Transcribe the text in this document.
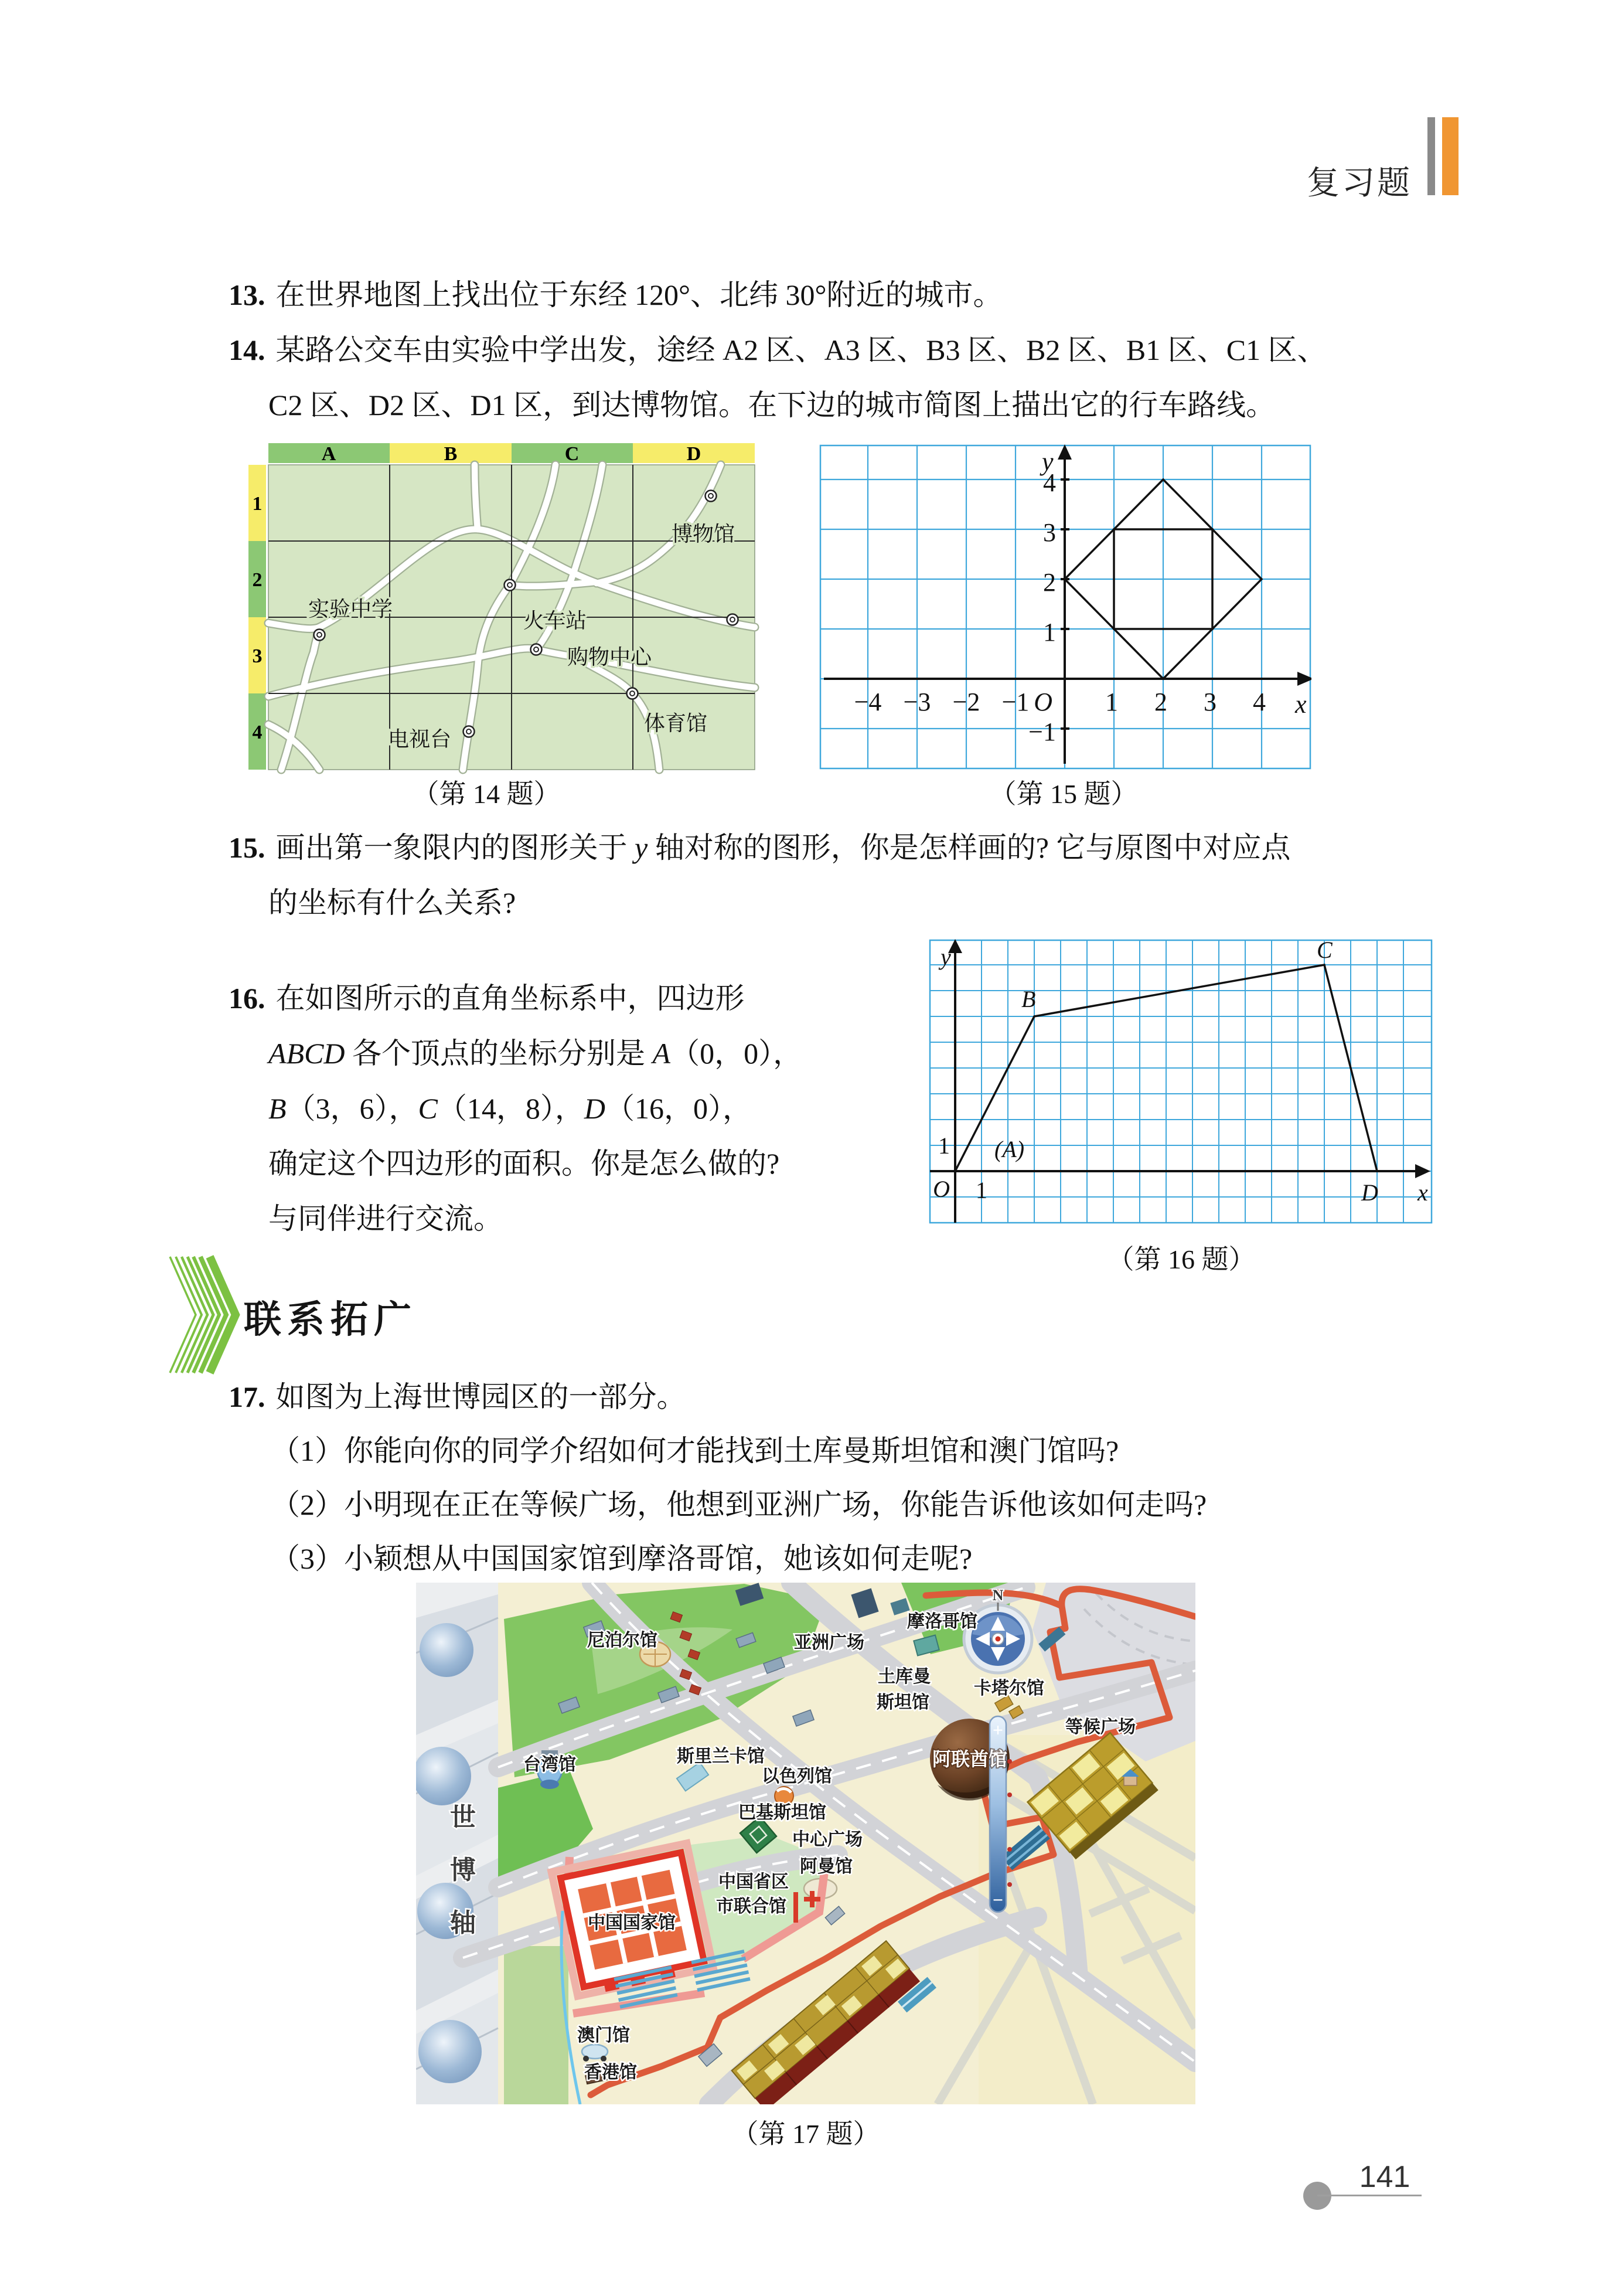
复习题
13. 在世界地图上找出位于东经 120°、北纬 30°附近的城市。
14. 某路公交车由实验中学出发，途经 A2 区、A3 区、B3 区、B2 区、B1 区、C1 区、
C2 区、D2 区、D1 区，到达博物馆。在下边的城市简图上描出它的行车路线。
A	B	C	D
1
2
3
4
博物馆
实验中学	火车站
购物中心
电视台
体育馆
（第 14 题）
−4 −3 −2 −1	1 2 3 4
4
3
2
1
−1
O	x
y
（第 15 题）
15. 画出第一象限内的图形关于 y 轴对称的图形，你是怎样画的? 它与原图中对应点
的坐标有什么关系?
16. 在如图所示的直角坐标系中，四边形
ABCD 各个顶点的坐标分别是 A（0，0），
B（3，6），C（14，8），D（16，0），
确定这个四边形的面积。你是怎么做的?
与同伴进行交流。
y
O 1
1 (A)
B
C
D x
（第 16 题）
联系拓广
17. 如图为上海世博园区的一部分。
（1）你能向你的同学介绍如何才能找到土库曼斯坦馆和澳门馆吗?
（2）小明现在正在等候广场，他想到亚洲广场，你能告诉他该如何走吗?
（3）小颖想从中国国家馆到摩洛哥馆，她该如何走呢?
N
+
−
尼泊尔馆	亚洲广场
摩洛哥馆
土库曼
斯坦馆
卡塔尔馆
等候广场
阿联酋馆
台湾馆	斯里兰卡馆
以色列馆
巴基斯坦馆
中心广场
阿曼馆
中国省区
市联合馆
中国国家馆
澳门馆
香港馆
世
博
轴
（第 17 题）
141
